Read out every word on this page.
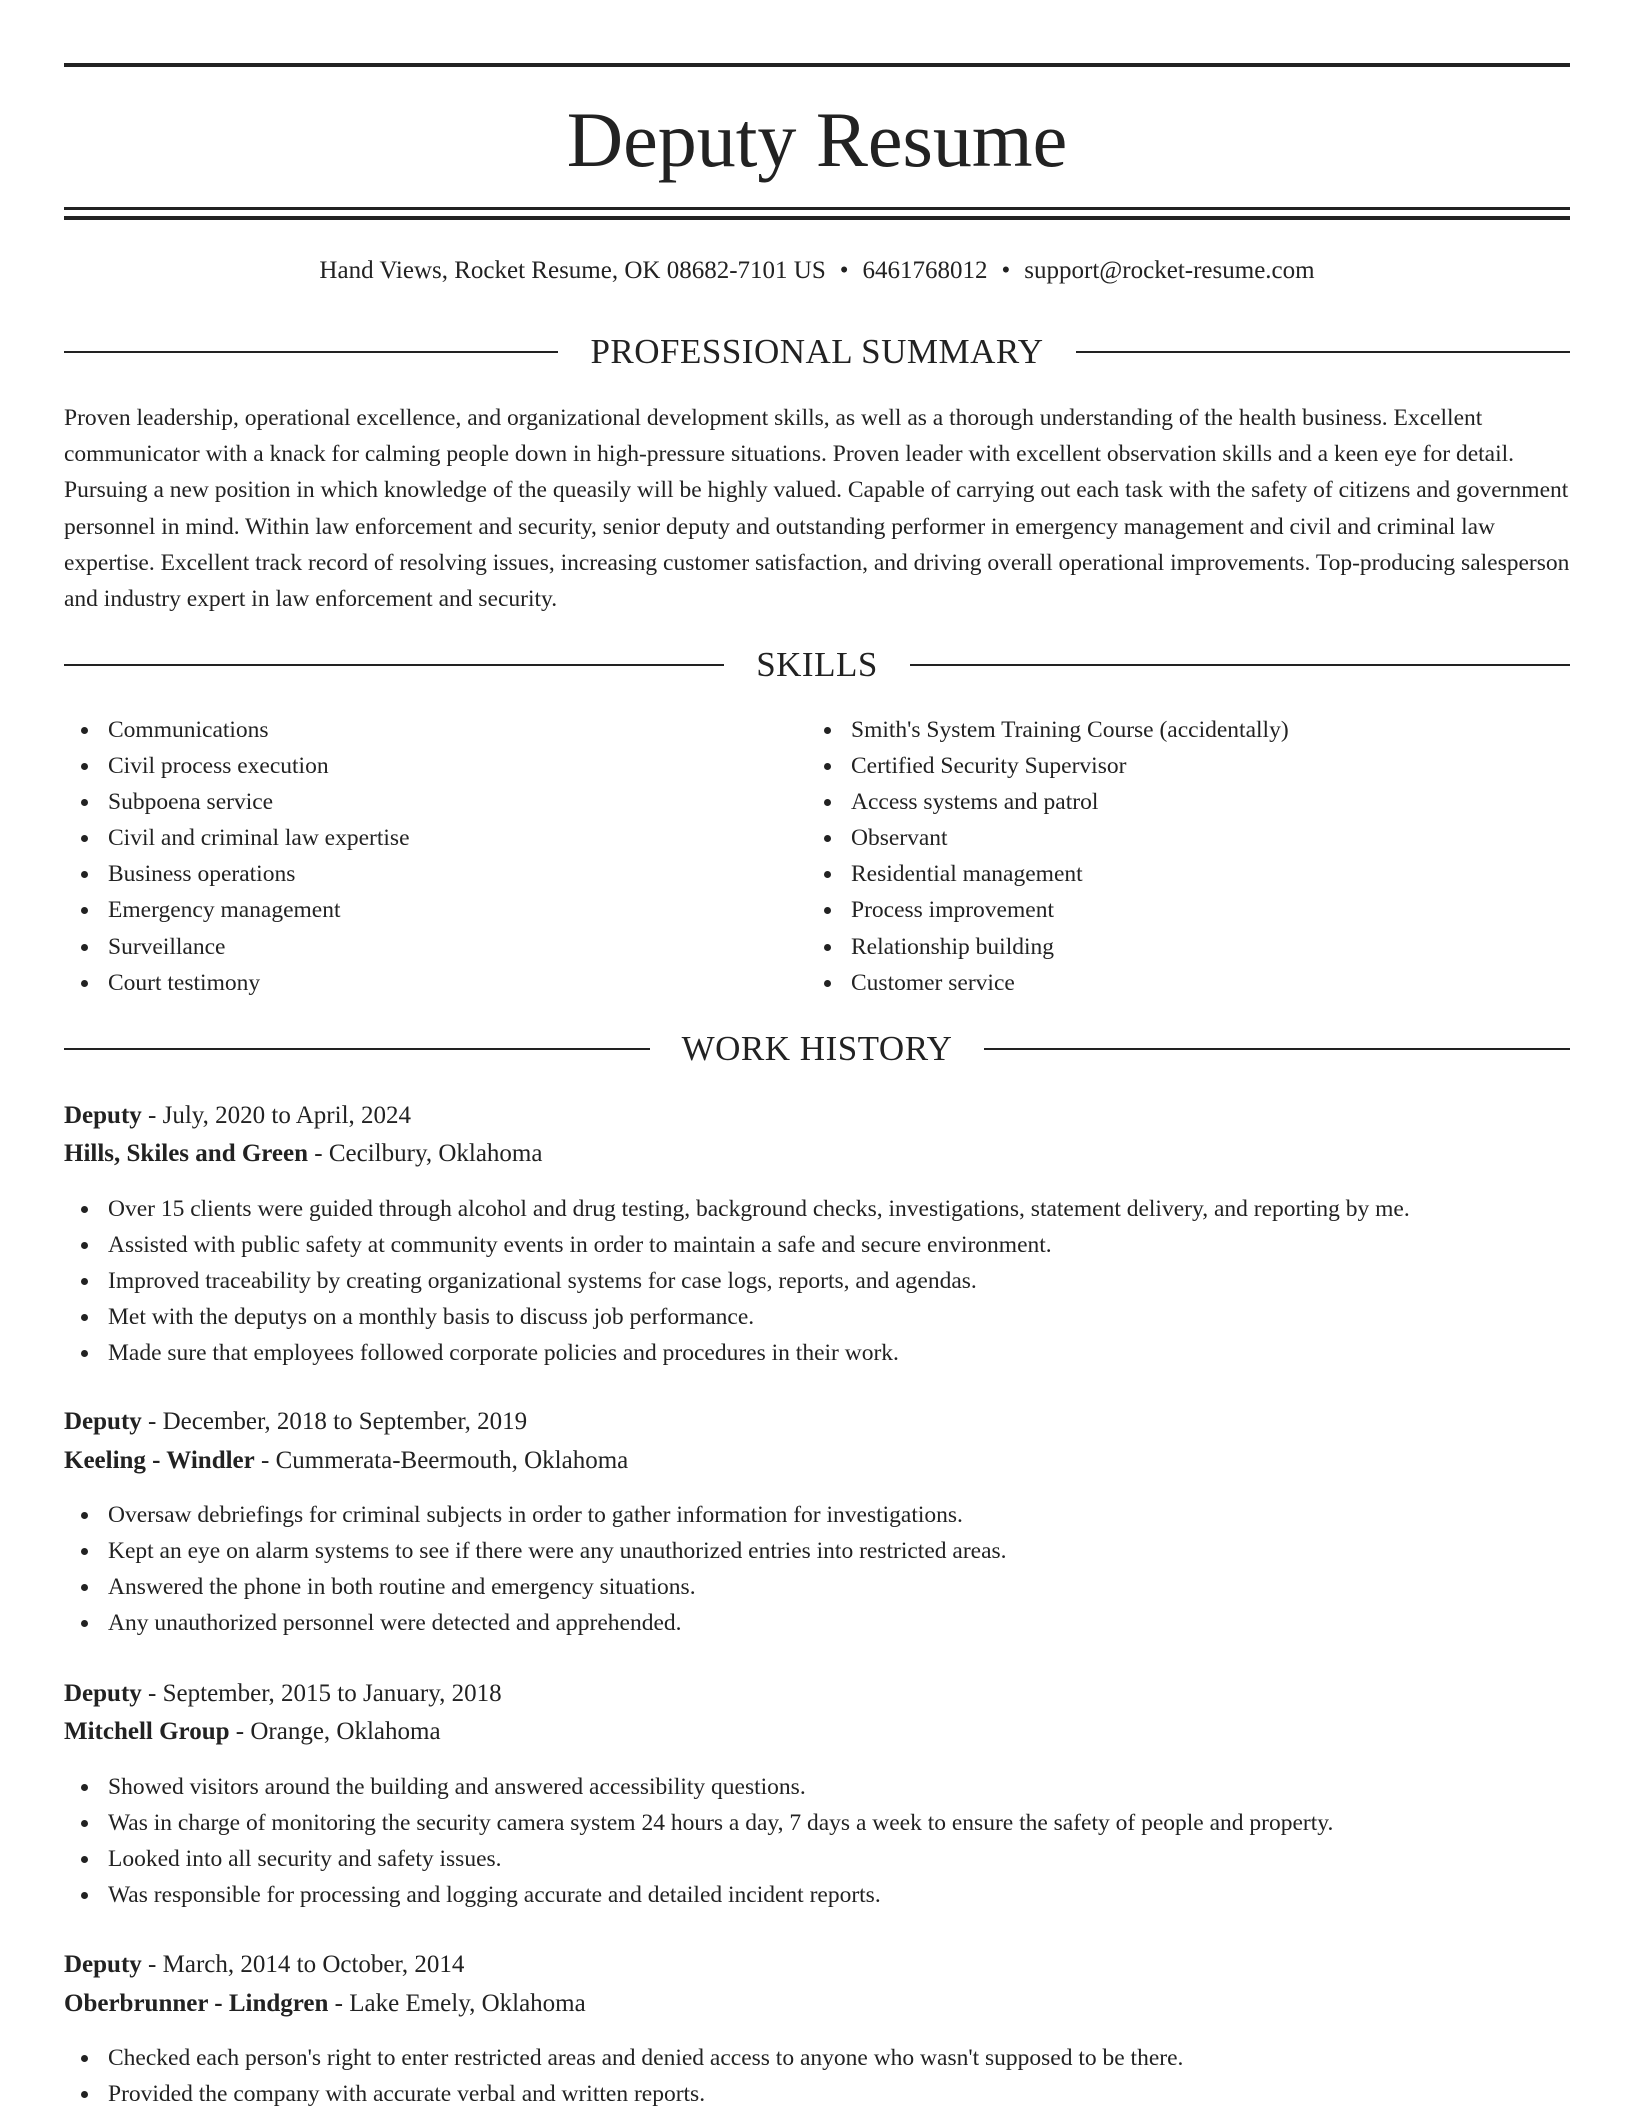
Deputy Resume
Hand Views, Rocket Resume, OK 08682-7101 US • 6461768012 • support@rocket-resume.com
PROFESSIONAL SUMMARY

Proven leadership, operational excellence, and organizational development skills, as well as a thorough understanding of the health business. Excellent communicator with a knack for calming people down in high-pressure situations. Proven leader with excellent observation skills and a keen eye for detail. Pursuing a new position in which knowledge of the queasily will be highly valued. Capable of carrying out each task with the safety of citizens and government personnel in mind. Within law enforcement and security, senior deputy and outstanding performer in emergency management and civil and criminal law expertise. Excellent track record of resolving issues, increasing customer satisfaction, and driving overall operational improvements. Top-producing salesperson and industry expert in law enforcement and security.

SKILLS
Communications
Civil process execution
Subpoena service
Civil and criminal law expertise
Business operations
Emergency management
Surveillance
Court testimony
Smith's System Training Course (accidentally)
Certified Security Supervisor
Access systems and patrol
Observant
Residential management
Process improvement
Relationship building
Customer service
WORK HISTORY
Deputy - July, 2020 to April, 2024
Hills, Skiles and Green - Cecilbury, Oklahoma
Over 15 clients were guided through alcohol and drug testing, background checks, investigations, statement delivery, and reporting by me.
Assisted with public safety at community events in order to maintain a safe and secure environment.
Improved traceability by creating organizational systems for case logs, reports, and agendas.
Met with the deputys on a monthly basis to discuss job performance.
Made sure that employees followed corporate policies and procedures in their work.
Deputy - December, 2018 to September, 2019
Keeling - Windler - Cummerata-Beermouth, Oklahoma
Oversaw debriefings for criminal subjects in order to gather information for investigations.
Kept an eye on alarm systems to see if there were any unauthorized entries into restricted areas.
Answered the phone in both routine and emergency situations.
Any unauthorized personnel were detected and apprehended.
Deputy - September, 2015 to January, 2018
Mitchell Group - Orange, Oklahoma
Showed visitors around the building and answered accessibility questions.
Was in charge of monitoring the security camera system 24 hours a day, 7 days a week to ensure the safety of people and property.
Looked into all security and safety issues.
Was responsible for processing and logging accurate and detailed incident reports.
Deputy - March, 2014 to October, 2014
Oberbrunner - Lindgren - Lake Emely, Oklahoma
Checked each person's right to enter restricted areas and denied access to anyone who wasn't supposed to be there.
Provided the company with accurate verbal and written reports.
